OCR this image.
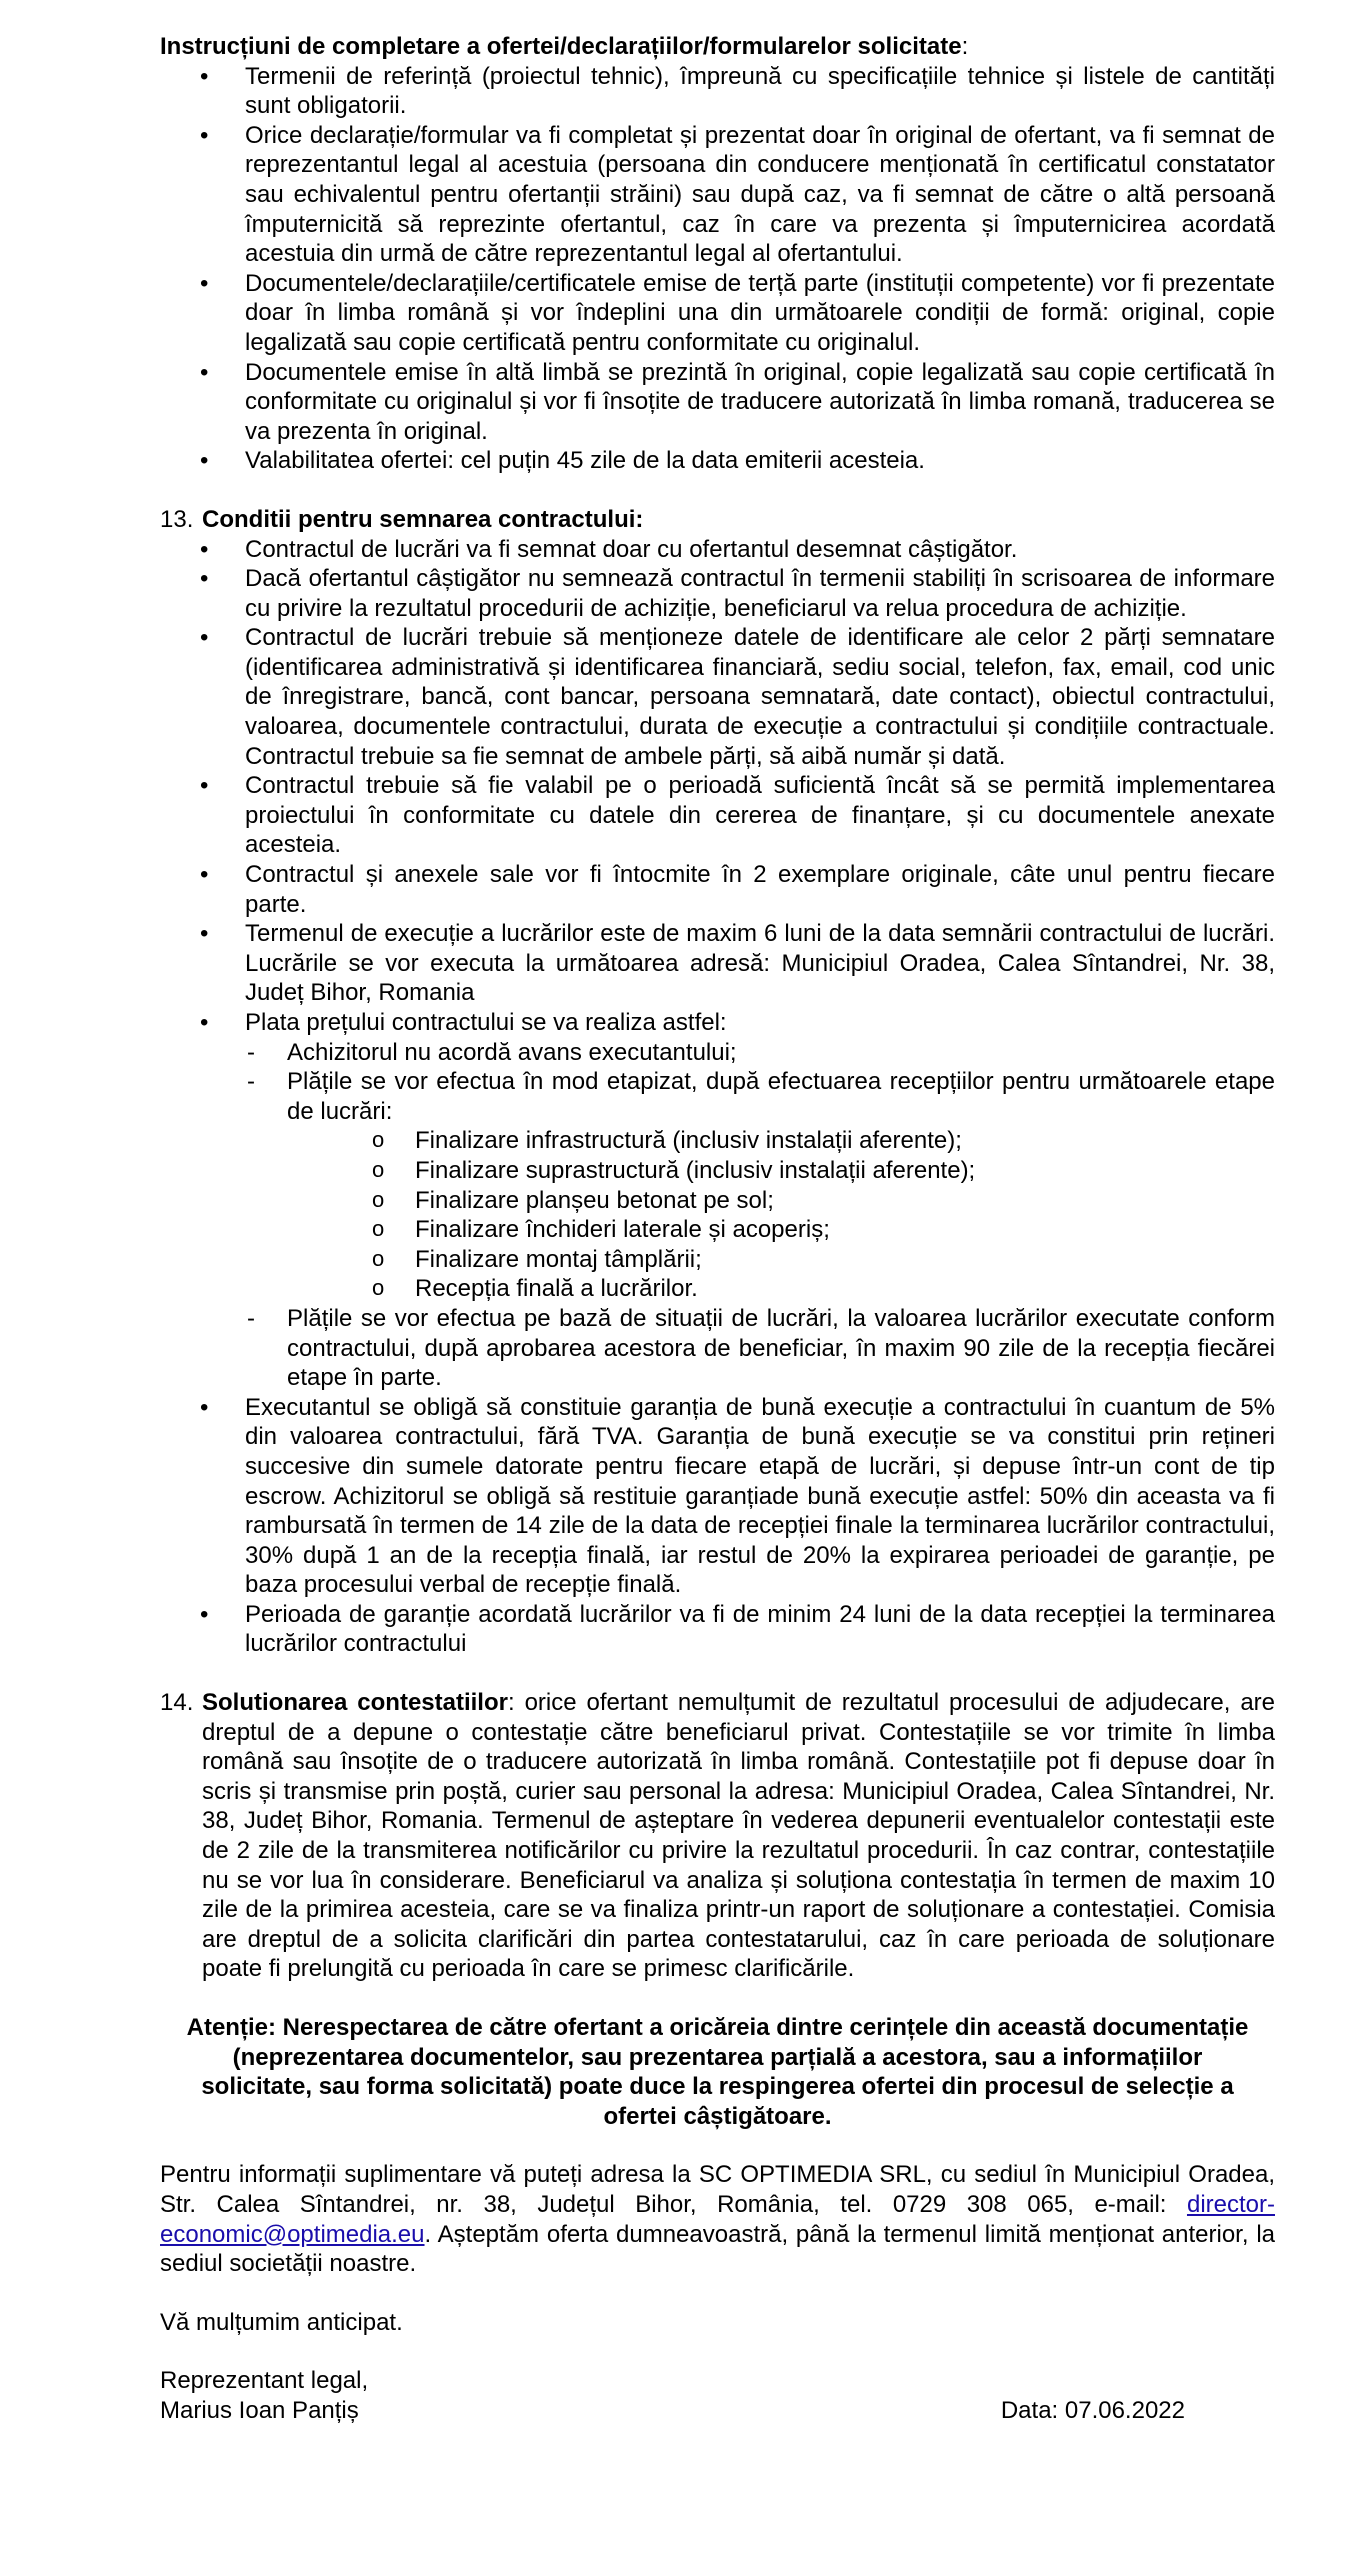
Instrucțiuni de completare a ofertei/declarațiilor/formularelor solicitate:

• Termenii de referință (proiectul tehnic), împreună cu specificațiile tehnice și listele de cantități sunt obligatorii.
• Orice declarație/formular va fi completat și prezentat doar în original de ofertant, va fi semnat de reprezentantul legal al acestuia (persoana din conducere menționată în certificatul constatator sau echivalentul pentru ofertanții străini) sau după caz, va fi semnat de către o altă persoană împuternicită să reprezinte ofertantul, caz în care va prezenta și împuternicirea acordată acestuia din urmă de către reprezentantul legal al ofertantului.
• Documentele/declarațiile/certificatele emise de terță parte (instituții competente) vor fi prezentate doar în limba română și vor îndeplini una din următoarele condiții de formă: original, copie legalizată sau copie certificată pentru conformitate cu originalul.
• Documentele emise în altă limbă se prezintă în original, copie legalizată sau copie certificată în conformitate cu originalul și vor fi însoțite de traducere autorizată în limba romană, traducerea se va prezenta în original.
• Valabilitatea ofertei: cel puțin 45 zile de la data emiterii acesteia.
13. Conditii pentru semnarea contractului:
• Contractul de lucrări va fi semnat doar cu ofertantul desemnat câștigător.
• Dacă ofertantul câștigător nu semnează contractul în termenii stabiliți în scrisoarea de informare cu privire la rezultatul procedurii de achiziție, beneficiarul va relua procedura de achiziție.
• Contractul de lucrări trebuie să menționeze datele de identificare ale celor 2 părți semnatare (identificarea administrativă și identificarea financiară, sediu social, telefon, fax, email, cod unic de înregistrare, bancă, cont bancar, persoana semnatară, date contact), obiectul contractului, valoarea, documentele contractului, durata de execuție a contractului și condițiile contractuale. Contractul trebuie sa fie semnat de ambele părți, să aibă număr și dată.
• Contractul trebuie să fie valabil pe o perioadă suficientă încât să se permită implementarea proiectului în conformitate cu datele din cererea de finanțare, și cu documentele anexate acesteia.
• Contractul și anexele sale vor fi întocmite în 2 exemplare originale, câte unul pentru fiecare parte.
• Termenul de execuție a lucrărilor este de maxim 6 luni de la data semnării contractului de lucrări. Lucrările se vor executa la următoarea adresă: Municipiul Oradea, Calea Sîntandrei, Nr. 38, Județ Bihor, Romania
• Plata prețului contractului se va realiza astfel:
- Achizitorul nu acordă avans executantului;
- Plățile se vor efectua în mod etapizat, după efectuarea recepțiilor pentru următoarele etape de lucrări:
o Finalizare infrastructură (inclusiv instalații aferente);
o Finalizare suprastructură (inclusiv instalații aferente);
o Finalizare planșeu betonat pe sol;
o Finalizare închideri laterale și acoperiș;
o Finalizare montaj tâmplării;
o Recepția finală a lucrărilor.
- Plățile se vor efectua pe bază de situații de lucrări, la valoarea lucrărilor executate conform contractului, după aprobarea acestora de beneficiar, în maxim 90 zile de la recepția fiecărei etape în parte.
• Executantul se obligă să constituie garanția de bună execuție a contractului în cuantum de 5% din valoarea contractului, fără TVA. Garanția de bună execuție se va constitui prin rețineri succesive din sumele datorate pentru fiecare etapă de lucrări, și depuse într-un cont de tip escrow. Achizitorul se obligă să restituie garanțiade bună execuție astfel: 50% din aceasta va fi rambursată în termen de 14 zile de la data de recepției finale la terminarea lucrărilor contractului, 30% după 1 an de la recepția finală, iar restul de 20% la expirarea perioadei de garanție, pe baza procesului verbal de recepție finală.
• Perioada de garanție acordată lucrărilor va fi de minim 24 luni de la data recepției la terminarea lucrărilor contractului
14. Solutionarea contestatiilor: orice ofertant nemulțumit de rezultatul procesului de adjudecare, are dreptul de a depune o contestație către beneficiarul privat. Contestațiile se vor trimite în limba română sau însoțite de o traducere autorizată în limba română. Contestațiile pot fi depuse doar în scris și transmise prin poștă, curier sau personal la adresa: Municipiul Oradea, Calea Sîntandrei, Nr. 38, Județ Bihor, Romania. Termenul de așteptare în vederea depunerii eventualelor contestații este de 2 zile de la transmiterea notificărilor cu privire la rezultatul procedurii. În caz contrar, contestațiile nu se vor lua în considerare. Beneficiarul va analiza și soluționa contestația în termen de maxim 10 zile de la primirea acesteia, care se va finaliza printr-un raport de soluționare a contestației. Comisia are dreptul de a solicita clarificări din partea contestatarului, caz în care perioada de soluționare poate fi prelungită cu perioada în care se primesc clarificările.

Atenție: Nerespectarea de către ofertant a oricăreia dintre cerințele din această documentație (neprezentarea documentelor, sau prezentarea parțială a acestora, sau a informațiilor solicitate, sau forma solicitată) poate duce la respingerea ofertei din procesul de selecție a ofertei câștigătoare.

Pentru informații suplimentare vă puteți adresa la SC OPTIMEDIA SRL, cu sediul în Municipiul Oradea, Str. Calea Sîntandrei, nr. 38, Județul Bihor, România, tel. 0729 308 065, e-mail: director-economic@optimedia.eu. Așteptăm oferta dumneavoastră, până la termenul limită menționat anterior, la sediul societății noastre.

Vă mulțumim anticipat.

Reprezentant legal,
Marius Ioan Panțiș	Data: 07.06.2022
